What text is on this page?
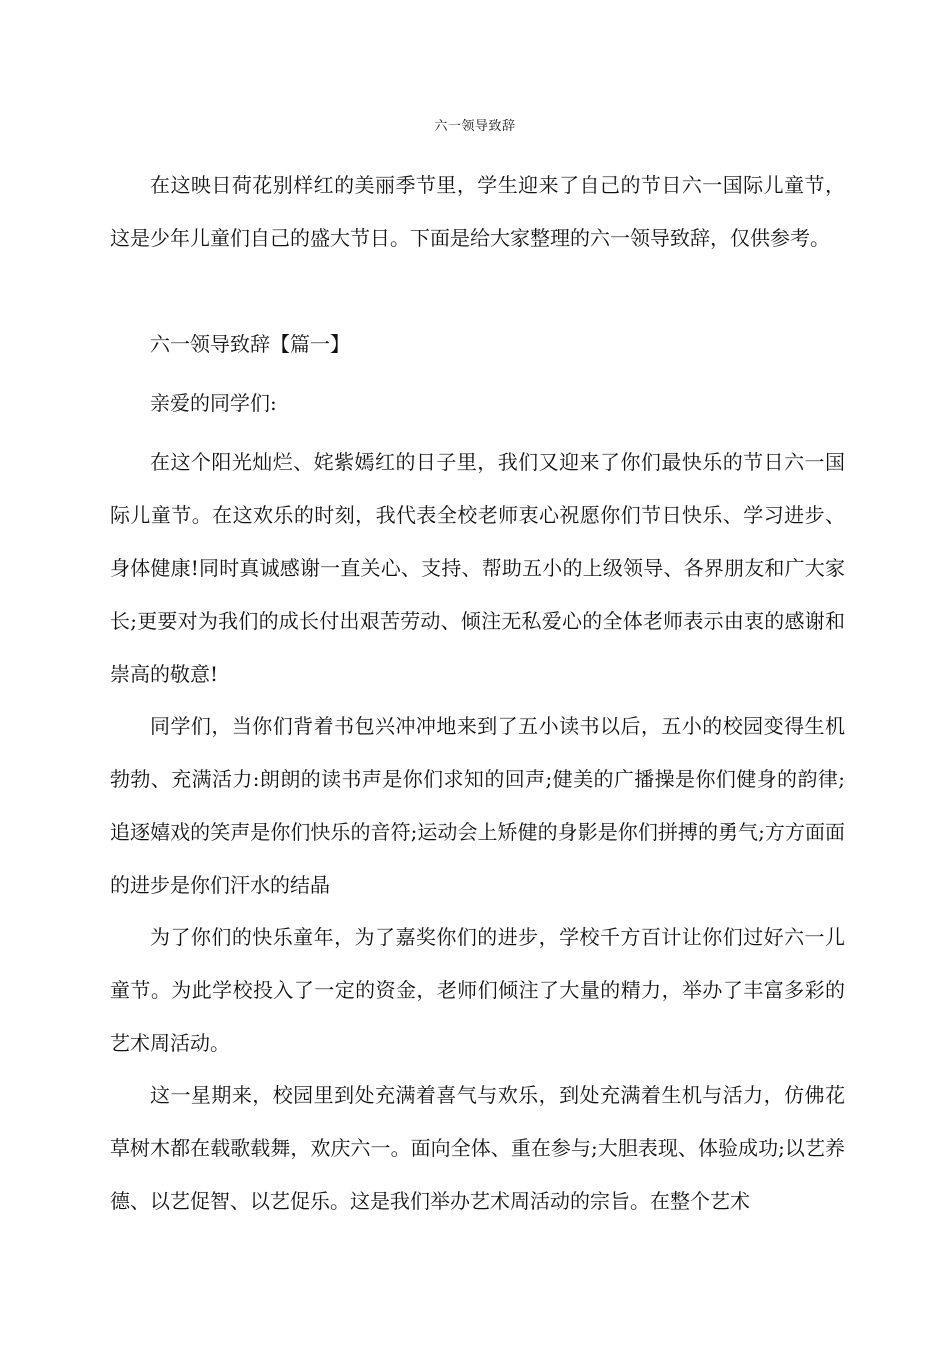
六一领导致辞

在这映日荷花别样红的美丽季节里，学生迎来了自己的节日六一国际儿童节，这是少年儿童们自己的盛大节日。下面是给大家整理的六一领导致辞，仅供参考。

六一领导致辞【篇一】

亲爱的同学们:

在这个阳光灿烂、姹紫嫣红的日子里，我们又迎来了你们最快乐的节日六一国际儿童节。在这欢乐的时刻，我代表全校老师衷心祝愿你们节日快乐、学习进步、身体健康!同时真诚感谢一直关心、支持、帮助五小的上级领导、各界朋友和广大家长;更要对为我们的成长付出艰苦劳动、倾注无私爱心的全体老师表示由衷的感谢和崇高的敬意!

同学们，当你们背着书包兴冲冲地来到了五小读书以后，五小的校园变得生机勃勃、充满活力:朗朗的读书声是你们求知的回声;健美的广播操是你们健身的韵律;追逐嬉戏的笑声是你们快乐的音符;运动会上矫健的身影是你们拼搏的勇气;方方面面的进步是你们汗水的结晶

为了你们的快乐童年，为了嘉奖你们的进步，学校千方百计让你们过好六一儿童节。为此学校投入了一定的资金，老师们倾注了大量的精力，举办了丰富多彩的艺术周活动。

这一星期来，校园里到处充满着喜气与欢乐，到处充满着生机与活力，仿佛花草树木都在载歌载舞，欢庆六一。面向全体、重在参与;大胆表现、体验成功;以艺养德、以艺促智、以艺促乐。这是我们举办艺术周活动的宗旨。在整个艺术
